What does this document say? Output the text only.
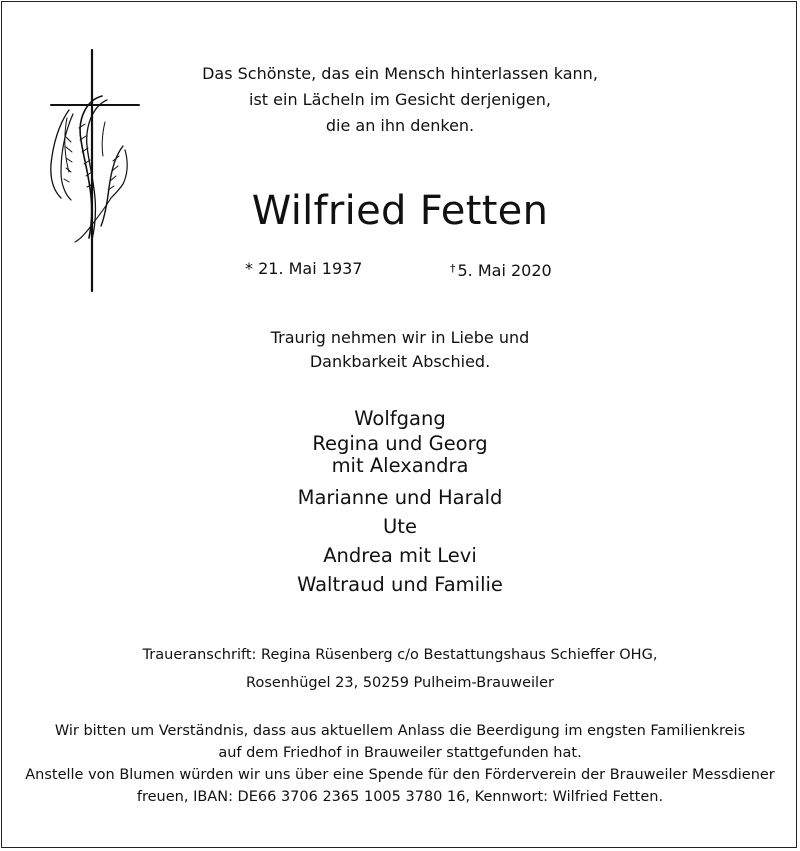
Das Schönste, das ein Mensch hinterlassen kann,
ist ein Lächeln im Gesicht derjenigen,
die an ihn denken.
Wilfried Fetten
* 21. Mai 1937	† 5. Mai 2020
Traurig nehmen wir in Liebe und
Dankbarkeit Abschied.
Wolfgang
Regina und Georg
mit Alexandra
Marianne und Harald
Ute
Andrea mit Levi
Waltraud und Familie
Traueranschrift: Regina Rüsenberg c/o Bestattungshaus Schieffer OHG,
Rosenhügel 23, 50259 Pulheim-Brauweiler
Wir bitten um Verständnis, dass aus aktuellem Anlass die Beerdigung im engsten Familienkreis
auf dem Friedhof in Brauweiler stattgefunden hat.
Anstelle von Blumen würden wir uns über eine Spende für den Förderverein der Brauweiler Messdiener
freuen, IBAN: DE66 3706 2365 1005 3780 16, Kennwort: Wilfried Fetten.
